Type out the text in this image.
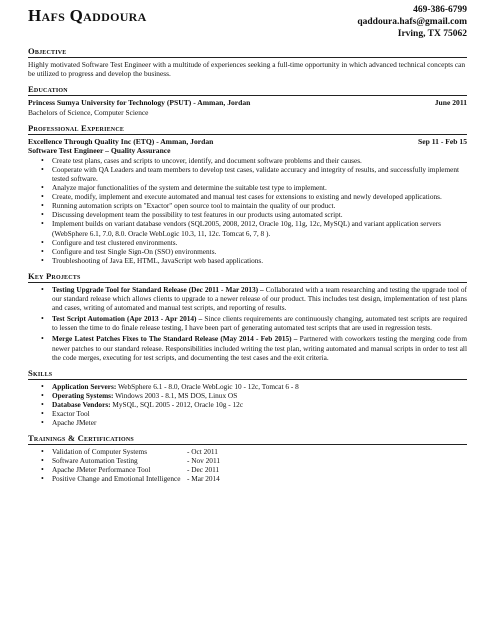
Hafs Qaddoura	469-386-6799
qaddoura.hafs@gmail.com
Irving, TX 75062
Objective
Highly motivated Software Test Engineer with a multitude of experiences seeking a full-time opportunity in which advanced technical concepts can be utilized to progress and develop the business.
Education
Princess Sumya University for Technology (PSUT) - Amman, Jordan	June 2011
Bachelors of Science, Computer Science
Professional Experience
Excellence Through Quality Inc (ETQ) - Amman, Jordan	Sep 11 - Feb 15
Software Test Engineer – Quality Assurance
• Create test plans, cases and scripts to uncover, identify, and document software problems and their causes.
• Cooperate with QA Leaders and team members to develop test cases, validate accuracy and integrity of results, and successfully implement tested software.
• Analyze major functionalities of the system and determine the suitable test type to implement.
• Create, modify, implement and execute automated and manual test cases for extensions to existing and newly developed applications.
• Running automation scripts on "Exactor" open source tool to maintain the quality of our product.
• Discussing development team the possibility to test features in our products using automated script.
• Implement builds on variant database vendors (SQL2005, 2008, 2012, Oracle 10g, 11g, 12c, MySQL) and variant application servers (WebSphere 6.1, 7.0, 8.0. Oracle WebLogic 10.3, 11, 12c. Tomcat 6, 7, 8 ).
• Configure and test clustered environments.
• Configure and test Single Sign-On (SSO) environments.
• Troubleshooting of Java EE, HTML, JavaScript web based applications.
Key Projects
• Testing Upgrade Tool for Standard Release (Dec 2011 - Mar 2013) – Collaborated with a team researching and testing the upgrade tool of our standard release which allows clients to upgrade to a newer release of our product. This includes test design, implementation of test plans and cases, writing of automated and manual test scripts, and reporting of results.
• Test Script Automation (Apr 2013 - Apr 2014) – Since clients requirements are continuously changing, automated test scripts are required to lessen the time to do finale release testing, I have been part of generating automated test scripts that are used in regression tests.
• Merge Latest Patches Fixes to The Standard Release (May 2014 - Feb 2015) – Partnered with coworkers testing the merging code from newer patches to our standard release. Responsibilities included writing the test plan, writing automated and manual scripts in order to test all the code merges, executing for test scripts, and documenting the test cases and the exit criteria.
Skills
• Application Servers: WebSphere 6.1 - 8.0, Oracle WebLogic 10 - 12c, Tomcat 6 - 8
• Operating Systems: Windows 2003 - 8.1, MS DOS, Linux OS
• Database Vendors: MySQL, SQL 2005 - 2012, Oracle 10g - 12c
• Exactor Tool
• Apache JMeter
Trainings & Certifications
• Validation of Computer Systems	- Oct 2011
• Software Automation Testing	- Nov 2011
• Apache JMeter Performance Tool	- Dec 2011
• Positive Change and Emotional Intelligence - Mar 2014
